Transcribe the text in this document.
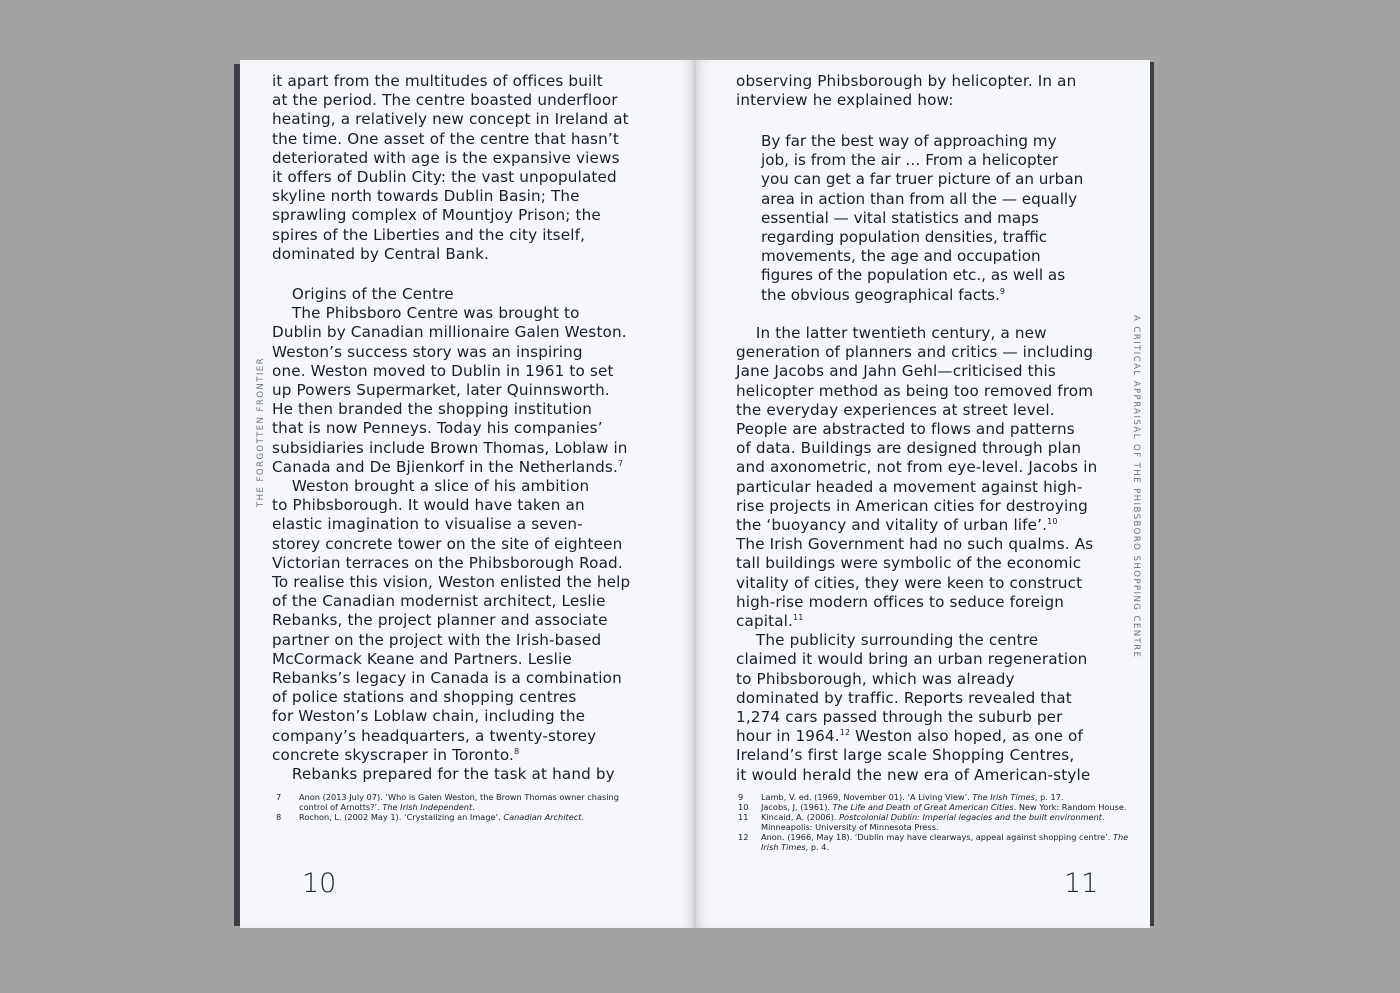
it apart from the multitudes of offices built
at the period. The centre boasted underfloor
heating, a relatively new concept in Ireland at
the time. One asset of the centre that hasn’t
deteriorated with age is the expansive views
it offers of Dublin City: the vast unpopulated
skyline north towards Dublin Basin; The
sprawling complex of Mountjoy Prison; the
spires of the Liberties and the city itself,
dominated by Central Bank.

Origins of the Centre
The Phibsboro Centre was brought to
Dublin by Canadian millionaire Galen Weston.
Weston’s success story was an inspiring
one. Weston moved to Dublin in 1961 to set
up Powers Supermarket, later Quinnsworth.
He then branded the shopping institution
that is now Penneys. Today his companies’
subsidiaries include Brown Thomas, Loblaw in
Canada and De Bjienkorf in the Netherlands.$^7$
Weston brought a slice of his ambition
to Phibsborough. It would have taken an
elastic imagination to visualise a seven-
storey concrete tower on the site of eighteen
Victorian terraces on the Phibsborough Road.
To realise this vision, Weston enlisted the help
of the Canadian modernist architect, Leslie
Rebanks, the project planner and associate
partner on the project with the Irish-based
McCormack Keane and Partners. Leslie
Rebanks’s legacy in Canada is a combination
of police stations and shopping centres
for Weston’s Loblaw chain, including the
company’s headquarters, a twenty-storey
concrete skyscraper in Toronto.$^8$
Rebanks prepared for the task at hand by
7	Anon (2013 July 07). ‘Who is Galen Weston, the Brown Thomas owner chasing control of Arnotts?’. The Irish Independent.
8	Rochon, L. (2002 May 1). ‘Crystalizing an Image’. Canadian Architect.
10

observing Phibsborough by helicopter. In an
interview he explained how:

By far the best way of approaching my
job, is from the air … From a helicopter
you can get a far truer picture of an urban
area in action than from all the — equally
essential — vital statistics and maps
regarding population densities, traffic
movements, the age and occupation
figures of the population etc., as well as
the obvious geographical facts.$^9$
In the latter twentieth century, a new
generation of planners and critics — including
Jane Jacobs and Jahn Gehl—criticised this
helicopter method as being too removed from
the everyday experiences at street level.
People are abstracted to flows and patterns
of data. Buildings are designed through plan
and axonometric, not from eye-level. Jacobs in
particular headed a movement against high-
rise projects in American cities for destroying
the ‘buoyancy and vitality of urban life’.$^{10}$
The Irish Government had no such qualms. As
tall buildings were symbolic of the economic
vitality of cities, they were keen to construct
high-rise modern offices to seduce foreign
capital.$^{11}$
The publicity surrounding the centre
claimed it would bring an urban regeneration
to Phibsborough, which was already
dominated by traffic. Reports revealed that
1,274 cars passed through the suburb per
hour in 1964.12 Weston also hoped, as one of
Ireland’s first large scale Shopping Centres,
it would herald the new era of American-style
9	Lamb, V. ed. (1969, November 01). ‘A Living View’. The Irish Times, p. 17.
10	Jacobs, J, (1961). The Life and Death of Great American Cities. New York: Random House.
11	Kincaid, A. (2006). Postcolonial Dublin: Imperial legacies and the built environment. Minneapolis: University of Minnesota Press.
12	Anon. (1966, May 18). ‘Dublin may have clearways, appeal against shopping centre’. The Irish Times, p. 4.
11
THE FORGOTTEN FRONTIER	A CRITICAL APPRAISAL OF THE PHIBSBORO SHOPPING CENTRE
